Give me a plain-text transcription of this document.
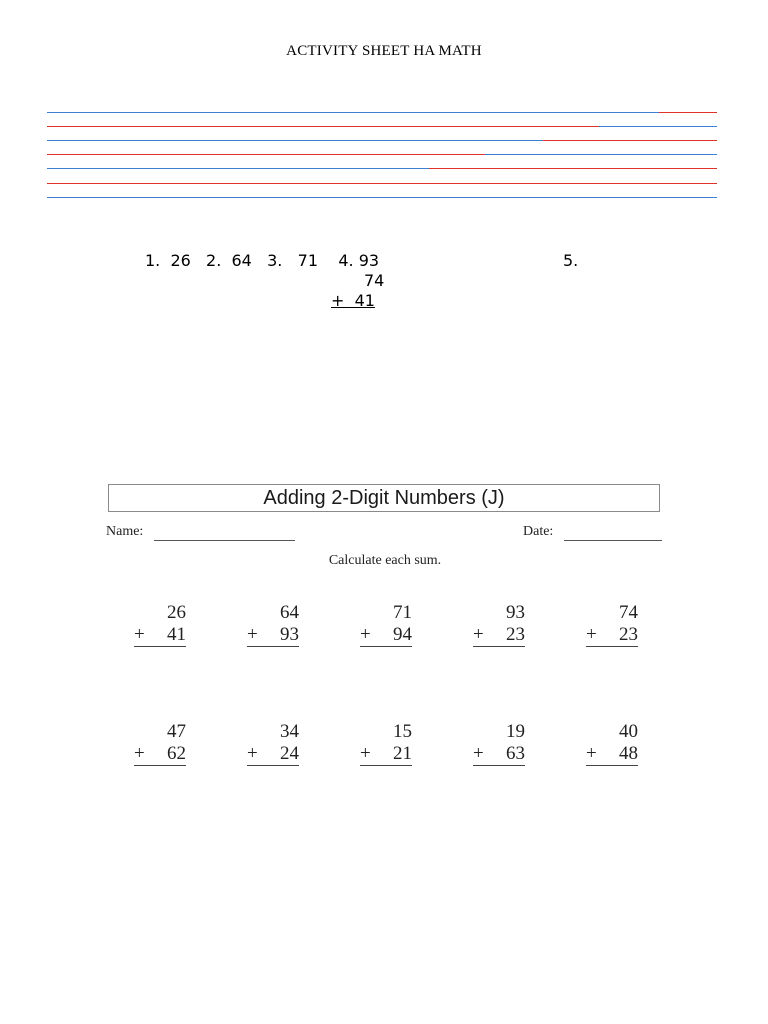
ACTIVITY SHEET HA MATH
1.  26   2.  64   3.   71    4. 93	5.
74
+  41
Adding 2-Digit Numbers (J)
Name:	Date:
Calculate each sum.
26
+ 41
64
+ 93
71
+ 94
93
+ 23
74
+ 23
47
+ 62
34
+ 24
15
+ 21
19
+ 63
40
+ 48
